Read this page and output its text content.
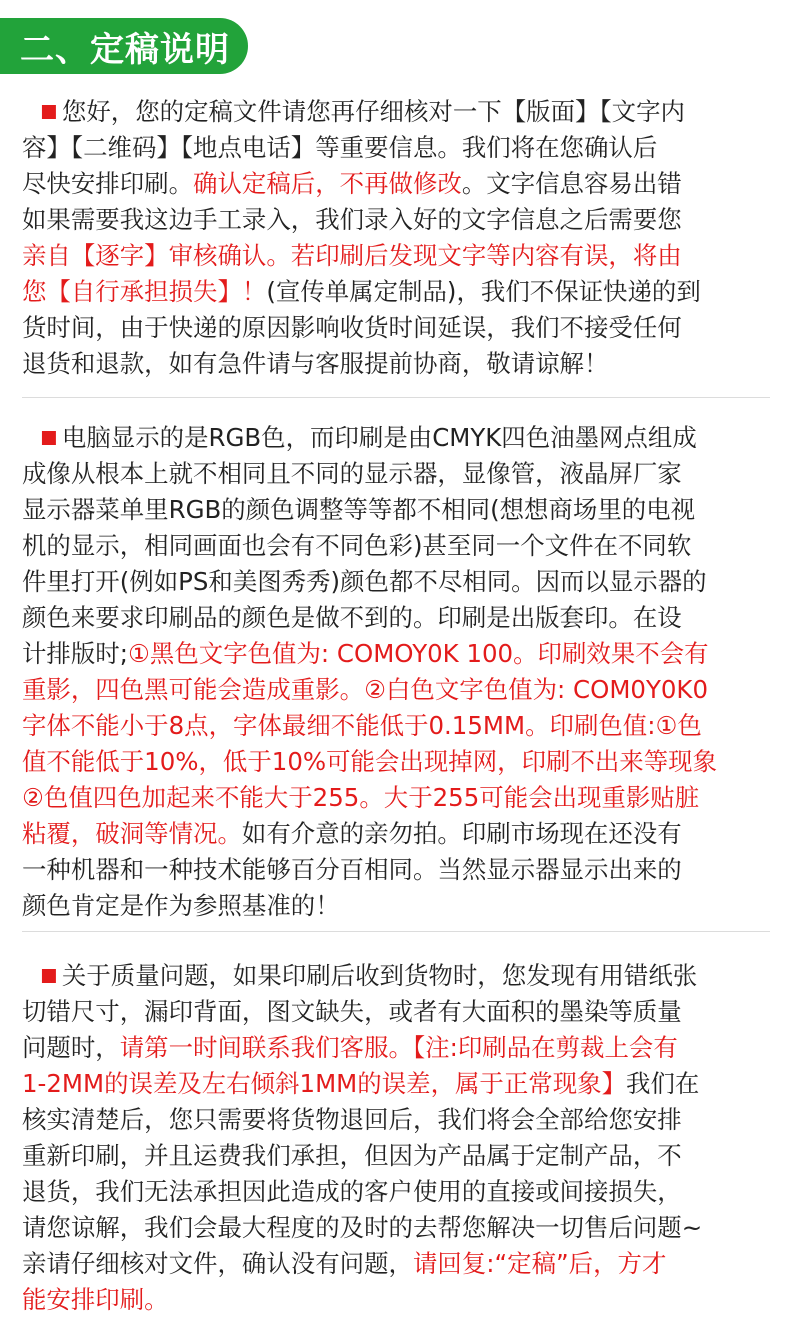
二、定稿说明
您好，您的定稿文件请您再仔细核对一下【版面】【文字内
容】【二维码】【地点电话】等重要信息。我们将在您确认后
尽快安排印刷。确认定稿后，不再做修改。文字信息容易出错
如果需要我这边手工录入，我们录入好的文字信息之后需要您
亲自【逐字】审核确认。若印刷后发现文字等内容有误，将由
您【自行承担损失】！(宣传单属定制品)，我们不保证快递的到
货时间，由于快递的原因影响收货时间延误，我们不接受任何
退货和退款，如有急件请与客服提前协商，敬请谅解！
电脑显示的是RGB色，而印刷是由CMYK四色油墨网点组成
成像从根本上就不相同且不同的显示器，显像管，液晶屏厂家
显示器菜单里RGB的颜色调整等等都不相同(想想商场里的电视
机的显示，相同画面也会有不同色彩)甚至同一个文件在不同软
件里打开(例如PS和美图秀秀)颜色都不尽相同。因而以显示器的
颜色来要求印刷品的颜色是做不到的。印刷是出版套印。在设
计排版时;①黑色文字色值为: COMOY0K 100。印刷效果不会有
重影，四色黑可能会造成重影。②白色文字色值为: COM0Y0K0
字体不能小于8点，字体最细不能低于0.15MM。印刷色值:①色
值不能低于10%，低于10%可能会出现掉网，印刷不出来等现象
②色值四色加起来不能大于255。大于255可能会出现重影贴脏
粘覆，破洞等情况。如有介意的亲勿拍。印刷市场现在还没有
一种机器和一种技术能够百分百相同。当然显示器显示出来的
颜色肯定是作为参照基准的！
关于质量问题，如果印刷后收到货物时，您发现有用错纸张
切错尺寸，漏印背面，图文缺失，或者有大面积的墨染等质量
问题时，请第一时间联系我们客服。【注:印刷品在剪裁上会有
1-2MM的误差及左右倾斜1MM的误差，属于正常现象】我们在
核实清楚后，您只需要将货物退回后，我们将会全部给您安排
重新印刷，并且运费我们承担，但因为产品属于定制产品，不
退货，我们无法承担因此造成的客户使用的直接或间接损失，
请您谅解，我们会最大程度的及时的去帮您解决一切售后问题~
亲请仔细核对文件，确认没有问题，请回复:“定稿”后，方才
能安排印刷。
